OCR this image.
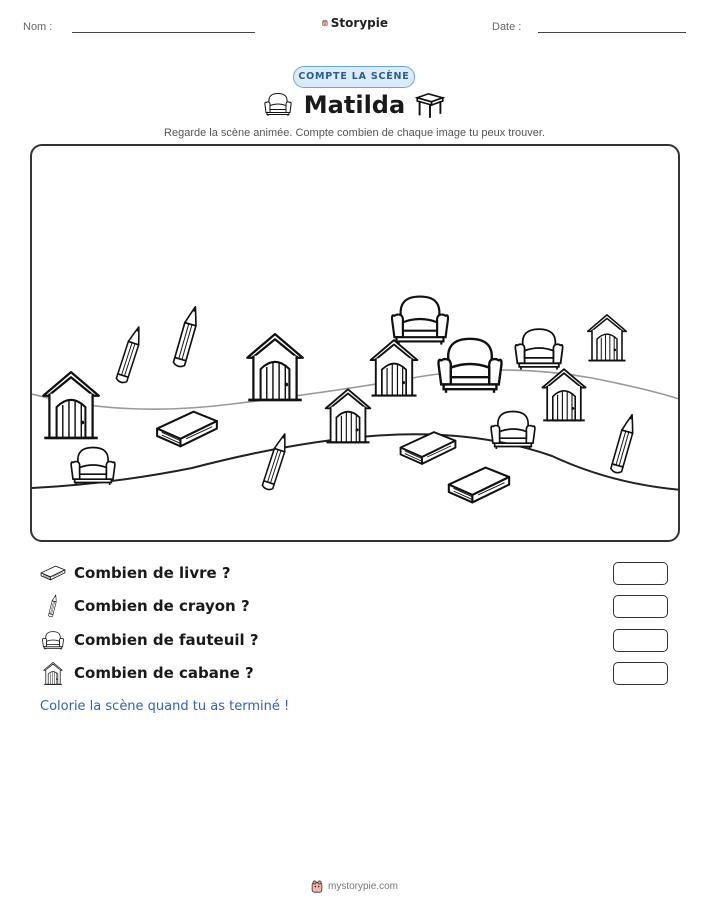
Nom :	Storypie	Date :
COMPTE LA SCÈNE
Matilda
Regarde la scène animée. Compte combien de chaque image tu peux trouver.
Combien de livre ?
Combien de crayon ?
Combien de fauteuil ?
Combien de cabane ?
Colorie la scène quand tu as terminé !
mystorypie.com
